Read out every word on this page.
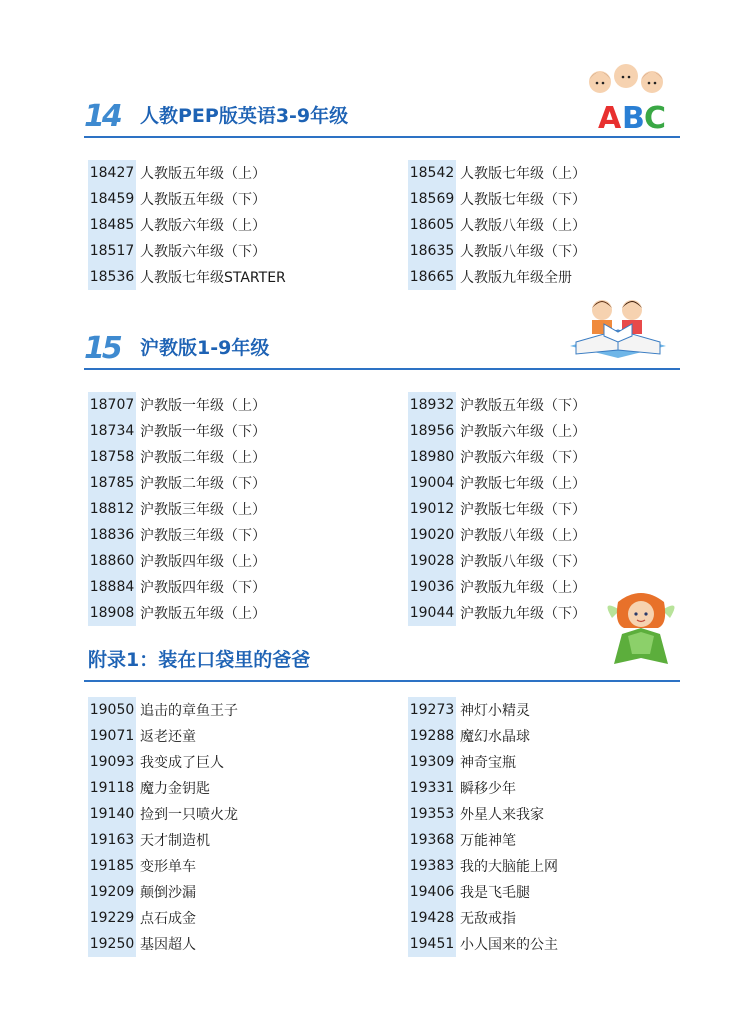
14 人教PEP版英语3-9年级	A B C
18427 人教版五年级（上）
18459 人教版五年级（下）
18485 人教版六年级（上）
18517 人教版六年级（下）
18536 人教版七年级STARTER
18542 人教版七年级（上）
18569 人教版七年级（下）
18605 人教版八年级（上）
18635 人教版八年级（下）
18665 人教版九年级全册
15 沪教版1-9年级
18707 沪教版一年级（上）
18734 沪教版一年级（下）
18758 沪教版二年级（上）
18785 沪教版二年级（下）
18812 沪教版三年级（上）
18836 沪教版三年级（下）
18860 沪教版四年级（上）
18884 沪教版四年级（下）
18908 沪教版五年级（上）
18932 沪教版五年级（下）
18956 沪教版六年级（上）
18980 沪教版六年级（下）
19004 沪教版七年级（上）
19012 沪教版七年级（下）
19020 沪教版八年级（上）
19028 沪教版八年级（下）
19036 沪教版九年级（上）
19044 沪教版九年级（下）
附录1：装在口袋里的爸爸
19050 追击的章鱼王子
19071 返老还童
19093 我变成了巨人
19118 魔力金钥匙
19140 捡到一只喷火龙
19163 天才制造机
19185 变形单车
19209 颠倒沙漏
19229 点石成金
19250 基因超人
19273 神灯小精灵
19288 魔幻水晶球
19309 神奇宝瓶
19331 瞬移少年
19353 外星人来我家
19368 万能神笔
19383 我的大脑能上网
19406 我是飞毛腿
19428 无敌戒指
19451 小人国来的公主
